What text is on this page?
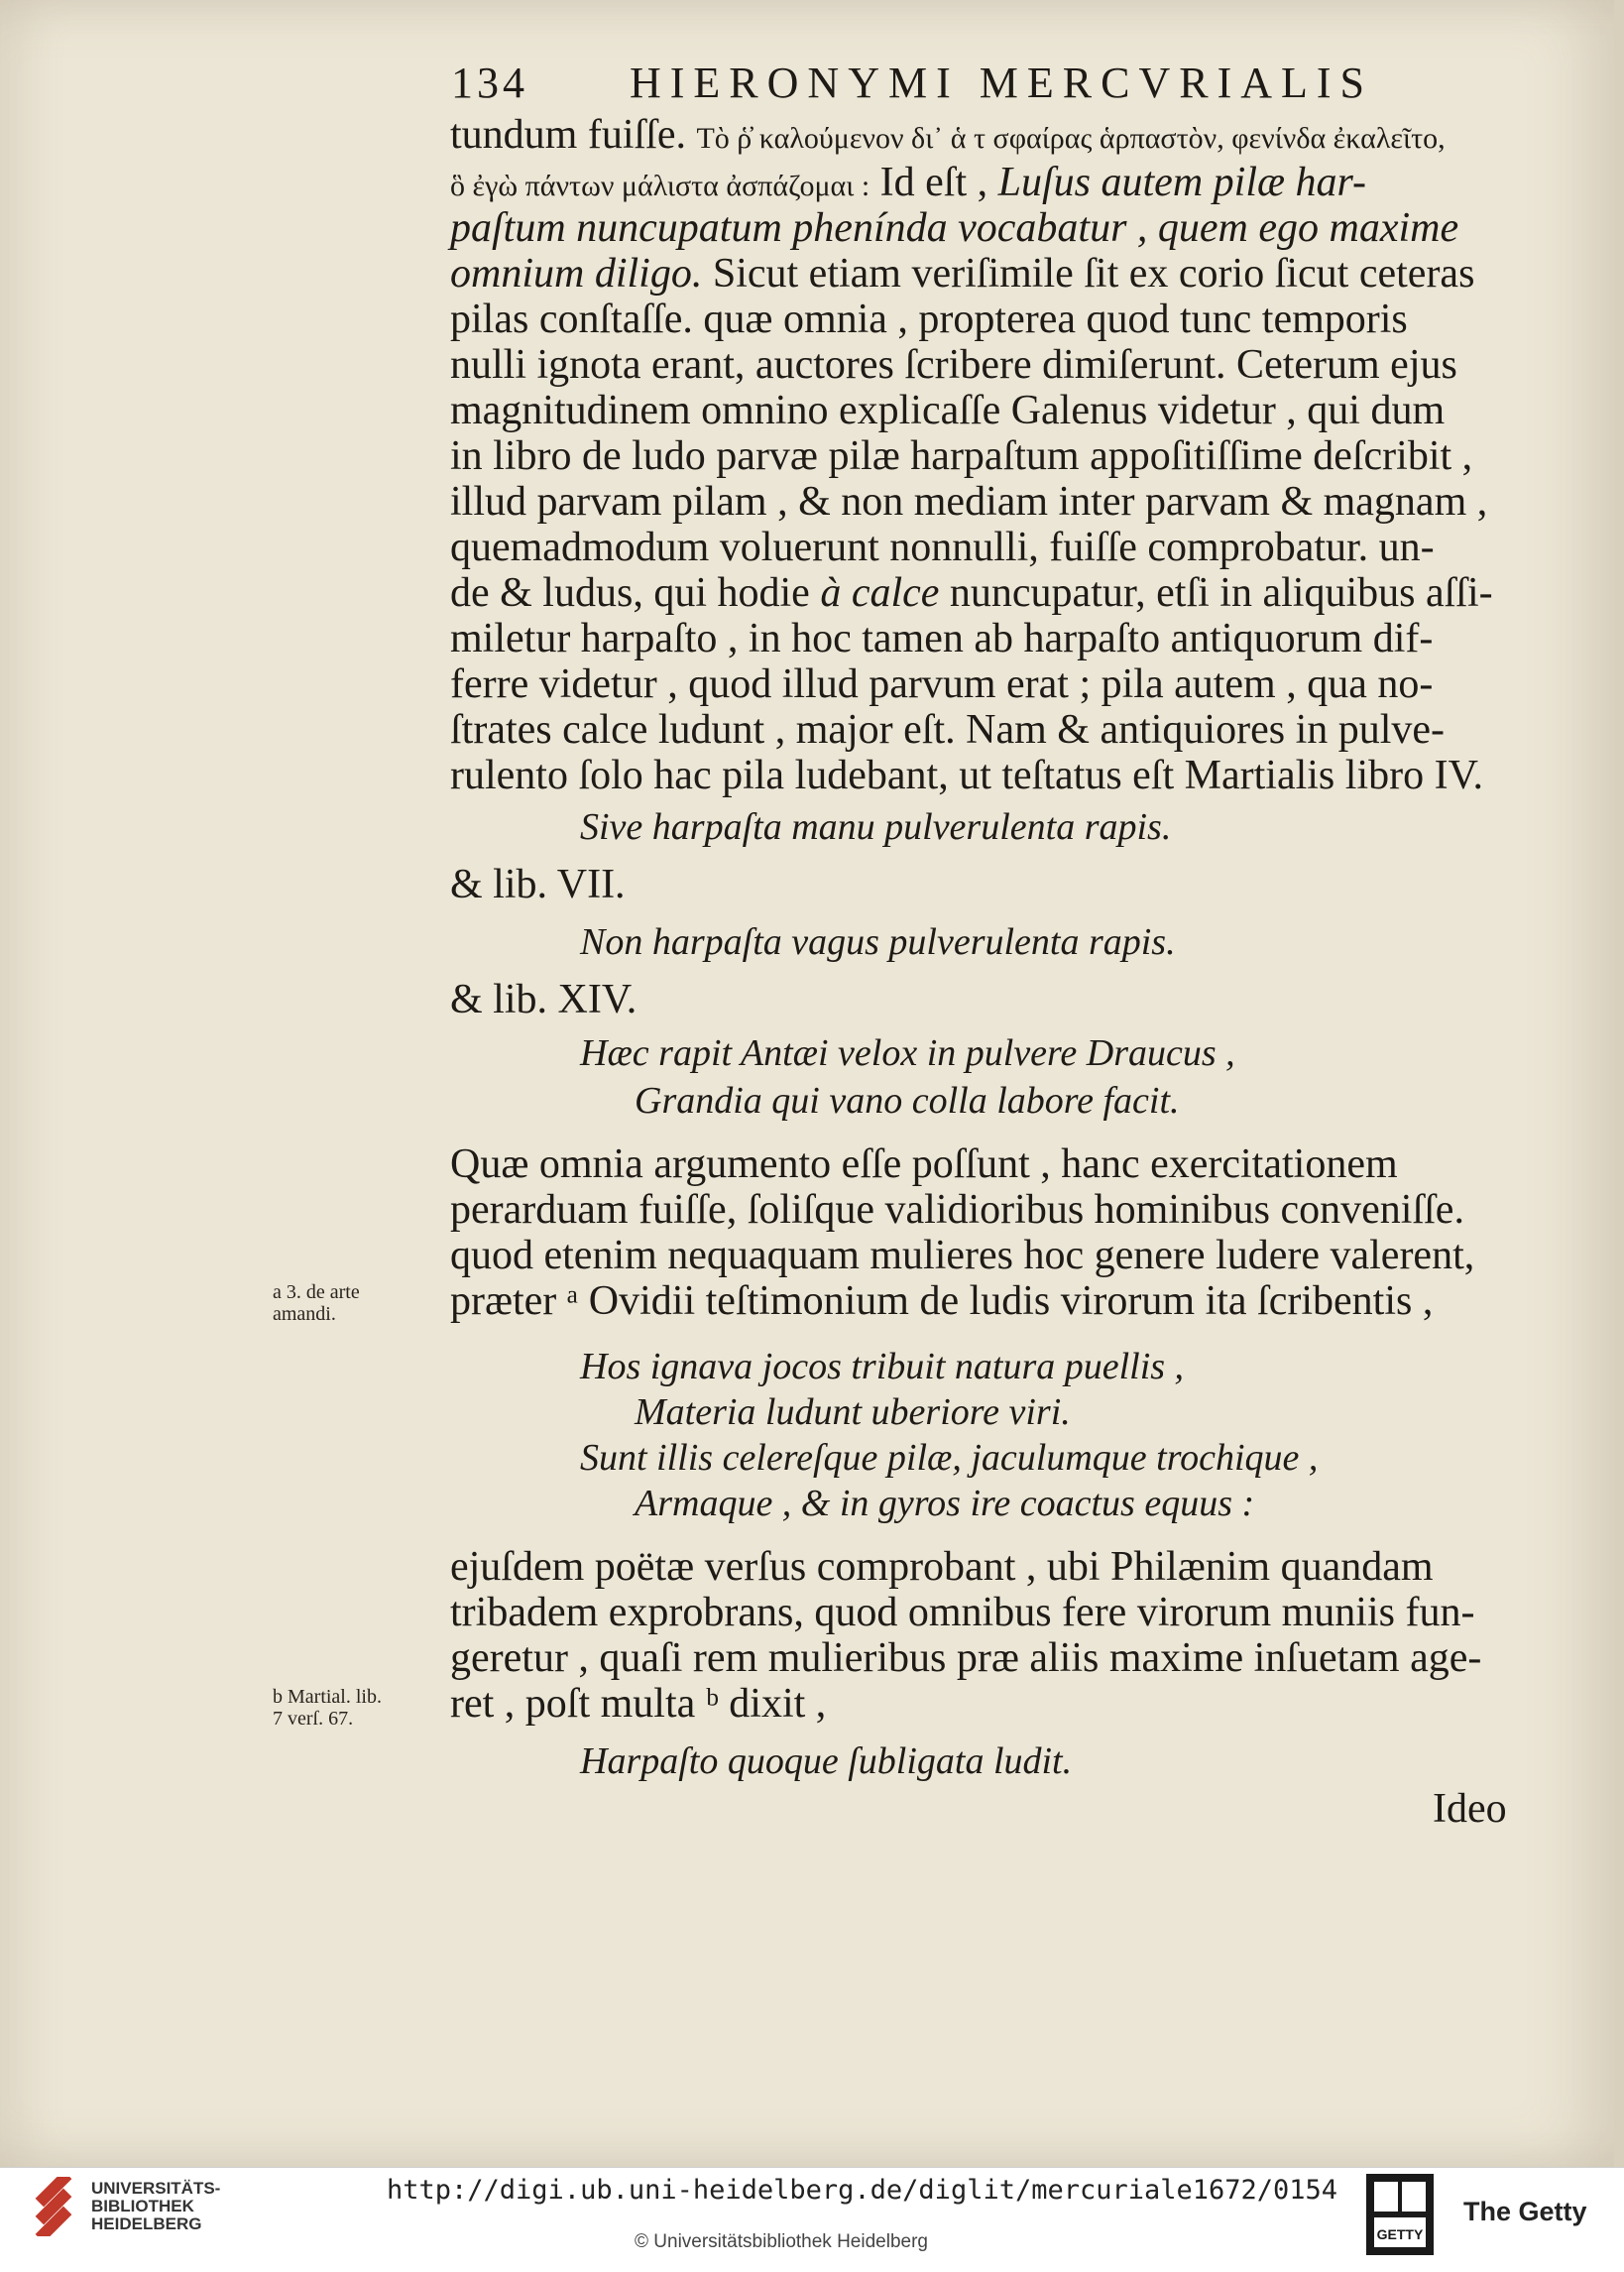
134 HIERONYMI MERCVRIALIS
tundum fuiſſe. Τὸ ῥ̓ καλούμενον δι᾽ ἁ τ σφαίρας ἁρπαστὸν, φενίνδα ἐκαλεῖτο,
ὃ ἐγὼ πάντων μάλιστα ἀσπάζομαι : Id eſt , Luſus autem pilæ har-
paſtum nuncupatum phenínda vocabatur , quem ego maxime
omnium diligo. Sicut etiam veriſimile ſit ex corio ſicut ceteras
pilas conſtaſſe. quæ omnia , propterea quod tunc temporis
nulli ignota erant, auctores ſcribere dimiſerunt. Ceterum ejus
magnitudinem omnino explicaſſe Galenus videtur , qui dum
in libro de ludo parvæ pilæ harpaſtum appoſitiſſime deſcribit ,
illud parvam pilam , & non mediam inter parvam & magnam ,
quemadmodum voluerunt nonnulli, fuiſſe comprobatur. un-
de & ludus, qui hodie à calce nuncupatur, etſi in aliquibus aſſi-
miletur harpaſto , in hoc tamen ab harpaſto antiquorum dif-
ferre videtur , quod illud parvum erat ; pila autem , qua no-
ſtrates calce ludunt , major eſt. Nam & antiquiores in pulve-
rulento ſolo hac pila ludebant, ut teſtatus eſt Martialis libro IV.
Sive harpaſta manu pulverulenta rapis.
& lib. VII.
Non harpaſta vagus pulverulenta rapis.
& lib. XIV.
Hæc rapit Antæi velox in pulvere Draucus ,
Grandia qui vano colla labore facit.
Quæ omnia argumento eſſe poſſunt , hanc exercitationem
perarduam fuiſſe, ſoliſque validioribus hominibus conveniſſe.
quod etenim nequaquam mulieres hoc genere ludere valerent,
præter ᵃ Ovidii teſtimonium de ludis virorum ita ſcribentis ,
Hos ignava jocos tribuit natura puellis ,
Materia ludunt uberiore viri.
Sunt illis celereſque pilæ, jaculumque trochique ,
Armaque , & in gyros ire coactus equus :
ejuſdem poëtæ verſus comprobant , ubi Philænim quandam
tribadem exprobrans, quod omnibus fere virorum muniis fun-
geretur , quaſi rem mulieribus præ aliis maxime inſuetam age-
ret , poſt multa ᵇ dixit ,
Harpaſto quoque ſubligata ludit.
Ideo
a 3. de arte
amandi.
b Martial. lib.
7 verſ. 67.
UNIVERSITÄTS-
BIBLIOTHEK
HEIDELBERG
http://digi.ub.uni-heidelberg.de/diglit/mercuriale1672/0154
© Universitätsbibliothek Heidelberg	GETTY
The Getty
